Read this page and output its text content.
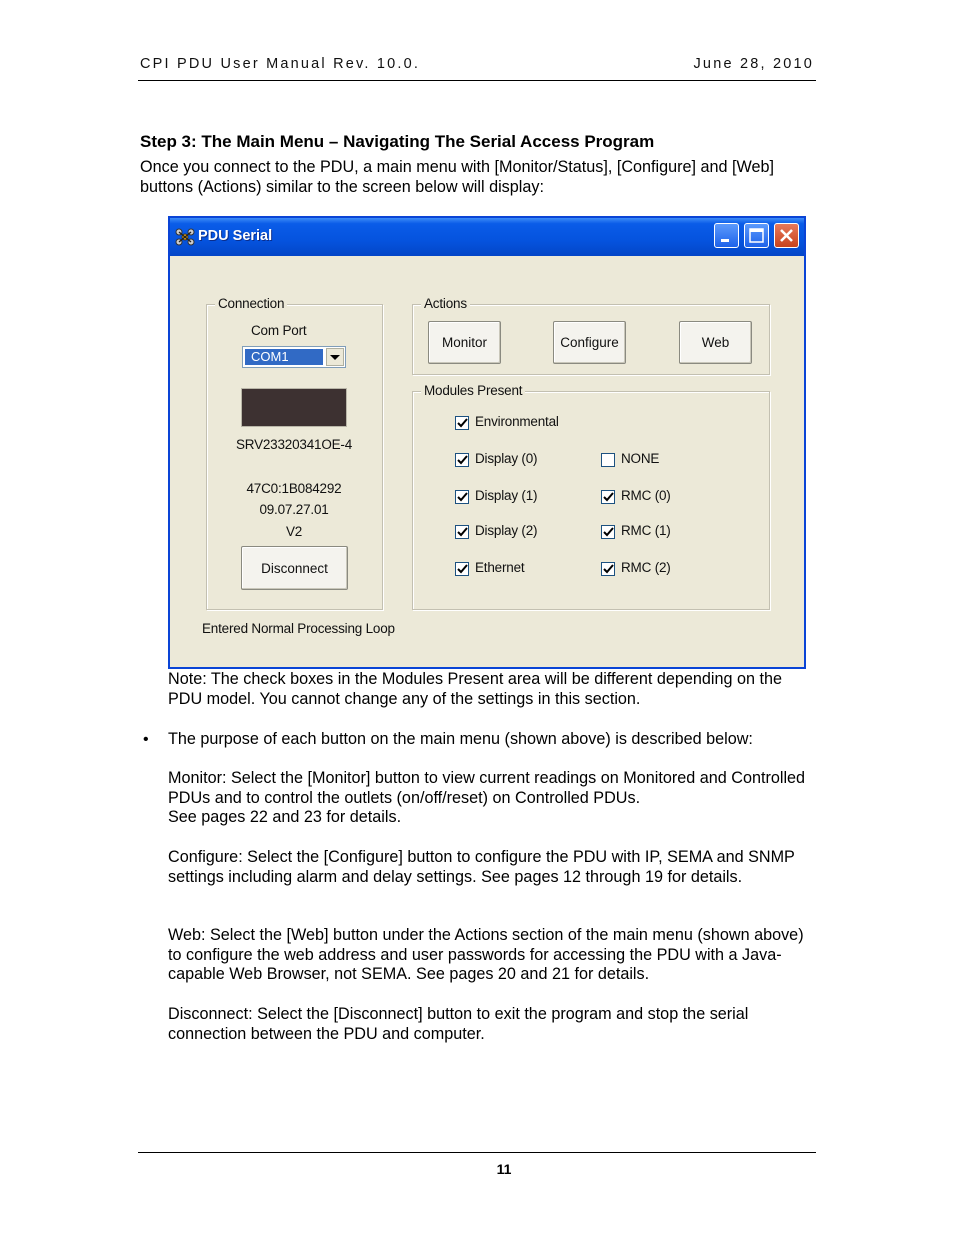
CPI PDU User Manual Rev. 10.0.	June 28, 2010
Step 3: The Main Menu – Navigating The Serial Access Program

Once you connect to the PDU, a main menu with [Monitor/Status], [Configure] and [Web] buttons (Actions) similar to the screen below will display:

PDU Serial
Connection
Com Port
COM1
SRV23320341OE-4
47C0:1B084292
09.07.27.01
V2
Disconnect
Actions
Monitor	Configure	Web
Modules Present
Environmental
Display (0)	NONE
Display (1)	RMC (0)
Display (2)	RMC (1)
Ethernet	RMC (2)
Entered Normal Processing Loop

Note: The check boxes in the Modules Present area will be different depending on the PDU model. You cannot change any of the settings in this section.

• The purpose of each button on the main menu (shown above) is described below:

Monitor: Select the [Monitor] button to view current readings on Monitored and Controlled PDUs and to control the outlets (on/off/reset) on Controlled PDUs.

See pages 22 and 23 for details.

Configure: Select the [Configure] button to configure the PDU with IP, SEMA and SNMP settings including alarm and delay settings. See pages 12 through 19 for details.

Web: Select the [Web] button under the Actions section of the main menu (shown above) to configure the web address and user passwords for accessing the PDU with a Java-capable Web Browser, not SEMA. See pages 20 and 21 for details.

Disconnect: Select the [Disconnect] button to exit the program and stop the serial connection between the PDU and computer.

11
